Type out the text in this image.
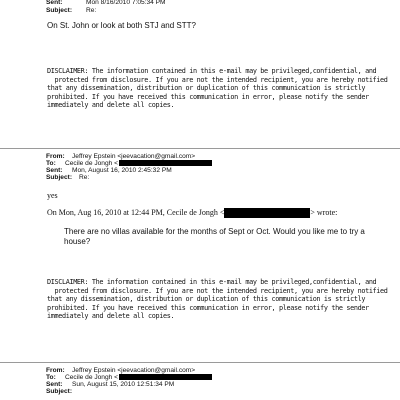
Sent:	Mon 8/16/2010 7:05:34 PM
Subject: Re:
On St. John or look at both STJ and STT?
DISCLAIMER: The information contained in this e-mail may be privileged,confidential, and
protected from disclosure. If you are not the intended recipient, you are hereby notified
that any dissemination, distribution or duplication of this communication is strictly
prohibited. If you have received this communication in error, please notify the sender
immediately and delete all copies.
From: Jeffrey Epstein <jeevacation@gmail.com>
To: Cecile de Jongh <
Sent: Mon, August 16, 2010 2:45:32 PM
Subject: Re:
yes
On Mon, Aug 16, 2010 at 12:44 PM, Cecile de Jongh <	> wrote:
There are no villas available for the months of Sept or Oct. Would you like me to try a house?
DISCLAIMER: The information contained in this e-mail may be privileged,confidential, and
protected from disclosure. If you are not the intended recipient, you are hereby notified
that any dissemination, distribution or duplication of this communication is strictly
prohibited. If you have received this communication in error, please notify the sender
immediately and delete all copies.
From: Jeffrey Epstein <jeevacation@gmail.com>
To: Cecile de Jongh <
Sent: Sun, August 15, 2010 12:51:34 PM
Subject:
